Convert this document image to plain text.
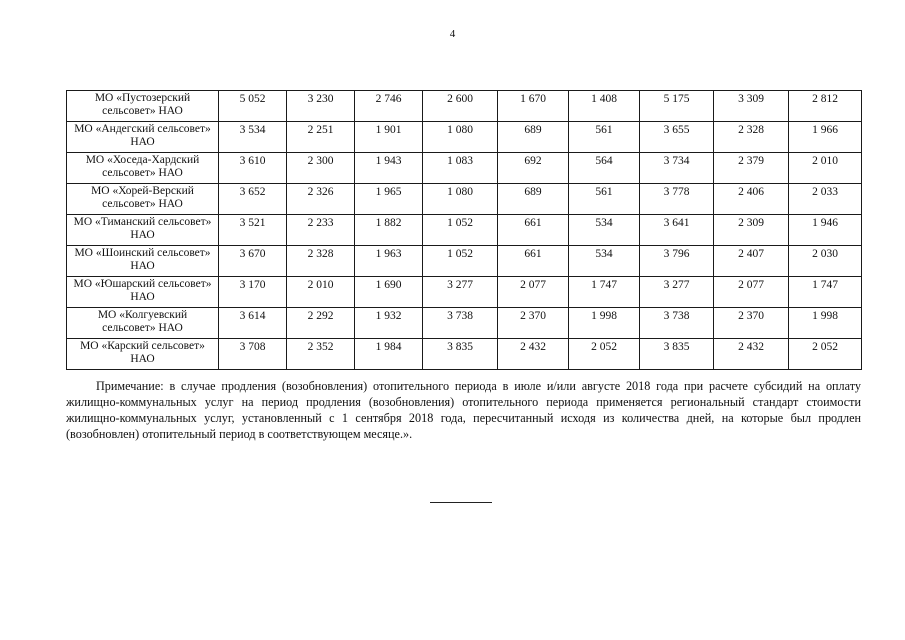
4
МО «Пустозерский сельсовет» НАО	5 052	3 230	2 746	2 600	1 670	1 408	5 175	3 309	2 812
МО «Андегский сельсовет» НАО	3 534	2 251	1 901	1 080	689	561	3 655	2 328	1 966
МО «Хоседа-Хардский сельсовет» НАО	3 610	2 300	1 943	1 083	692	564	3 734	2 379	2 010
МО «Хорей-Верский сельсовет» НАО	3 652	2 326	1 965	1 080	689	561	3 778	2 406	2 033
МО «Тиманский сельсовет» НАО	3 521	2 233	1 882	1 052	661	534	3 641	2 309	1 946
МО «Шоинский сельсовет» НАО	3 670	2 328	1 963	1 052	661	534	3 796	2 407	2 030
МО «Юшарский сельсовет» НАО	3 170	2 010	1 690	3 277	2 077	1 747	3 277	2 077	1 747
МО «Колгуевский сельсовет» НАО	3 614	2 292	1 932	3 738	2 370	1 998	3 738	2 370	1 998
МО «Карский сельсовет» НАО	3 708	2 352	1 984	3 835	2 432	2 052	3 835	2 432	2 052

Примечание: в случае продления (возобновления) отопительного периода в июле и/или августе 2018 года при расчете субсидий на оплату жилищно-коммунальных услуг на период продления (возобновления) отопительного периода применяется региональный стандарт стоимости жилищно-коммунальных услуг, установленный с 1 сентября 2018 года, пересчитанный исходя из количества дней, на которые был продлен (возобновлен) отопительный период в соответствующем месяце.».
